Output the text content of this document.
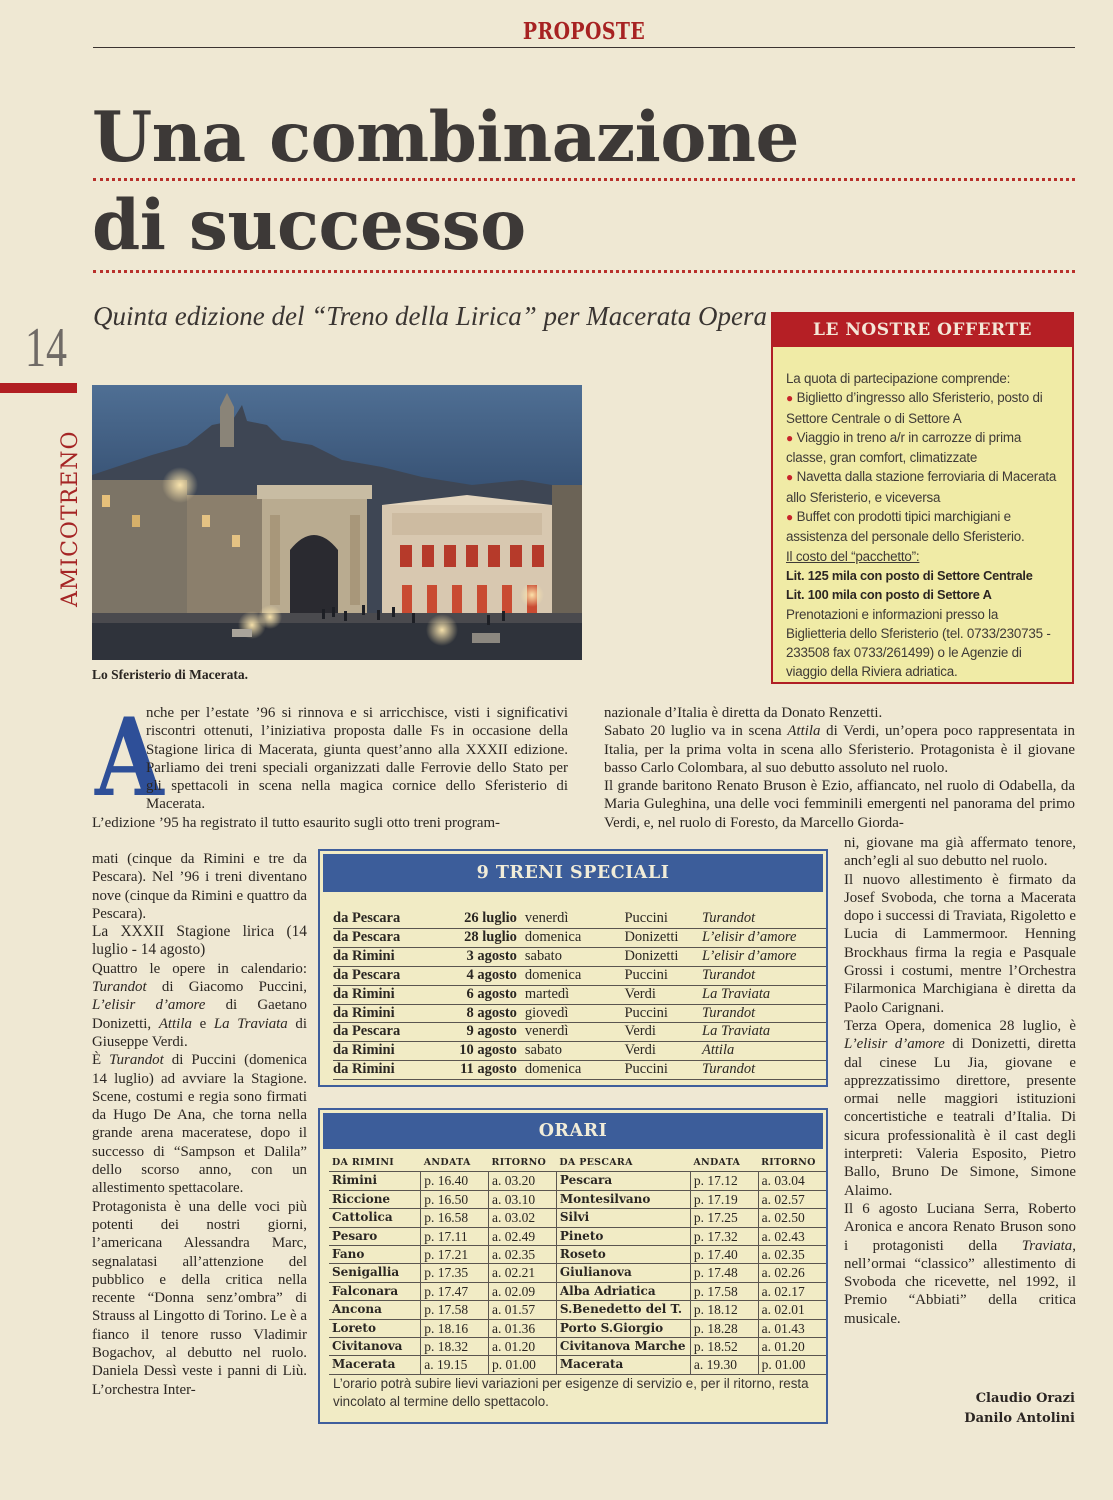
PROPOSTE
Una combinazione
di successo
Quinta edizione del “Treno della Lirica” per Macerata Opera
14
AMICOTRENO
Lo Sferisterio di Macerata.
LE NOSTRE OFFERTE
La quota di partecipazione comprende:
● Biglietto d’ingresso allo Sferisterio, posto di Settore Centrale o di Settore A
● Viaggio in treno a/r in carrozze di prima classe, gran comfort, climatizzate
● Navetta dalla stazione ferroviaria di Macerata allo Sferisterio, e viceversa
● Buffet con prodotti tipici marchigiani e assistenza del personale dello Sferisterio.
Il costo del “pacchetto”:
Lit. 125 mila con posto di Settore Centrale
Lit. 100 mila con posto di Settore A
Prenotazioni e informazioni presso la Biglietteria dello Sferisterio (tel. 0733/230735 - 233508 fax 0733/261499) o le Agenzie di viaggio della Riviera adriatica.
A
nche per l’estate ’96 si rinnova e si arricchisce, visti i significativi riscontri ottenuti, l’iniziativa proposta dalle Fs in occasione della Stagione lirica di Macerata, giunta quest’anno alla XXXII edizione. Parliamo dei treni speciali organizzati dalle Ferrovie dello Stato per gli spettacoli in scena nella magica cornice dello Sferisterio di Macerata.
L’edizione ’95 ha registrato il tutto esaurito sugli otto treni program-

mati (cinque da Rimini e tre da Pescara). Nel ’96 i treni diventano nove (cinque da Rimini e quattro da Pescara).

La XXXII Stagione lirica (14 luglio - 14 agosto)

Quattro le opere in calendario: Turandot di Giacomo Puccini, L’elisir d’amore di Gaetano Donizetti, Attila e La Traviata di Giuseppe Verdi.

È Turandot di Puccini (domenica 14 luglio) ad avviare la Stagione. Scene, costumi e regia sono firmati da Hugo De Ana, che torna nella grande arena maceratese, dopo il successo di “Sampson et Dalila” dello scorso anno, con un allestimento spettacolare.

Protagonista è una delle voci più potenti dei nostri giorni, l’americana Alessandra Marc, segnalatasi all’attenzione del pubblico e della critica nella recente “Donna senz’ombra” di Strauss al Lingotto di Torino. Le è a fianco il tenore russo Vladimir Bogachov, al debutto nel ruolo. Daniela Dessì veste i panni di Liù. L’orchestra Inter-

nazionale d’Italia è diretta da Donato Renzetti.

Sabato 20 luglio va in scena Attila di Verdi, un’opera poco rappresentata in Italia, per la prima volta in scena allo Sferisterio. Protagonista è il giovane basso Carlo Colombara, al suo debutto assoluto nel ruolo.

Il grande baritono Renato Bruson è Ezio, affiancato, nel ruolo di Odabella, da Maria Guleghina, una delle voci femminili emergenti nel panorama del primo Verdi, e, nel ruolo di Foresto, da Marcello Giorda-

ni, giovane ma già affermato tenore, anch’egli al suo debutto nel ruolo.

Il nuovo allestimento è firmato da Josef Svoboda, che torna a Macerata dopo i successi di Traviata, Rigoletto e Lucia di Lammermoor. Henning Brockhaus firma la regia e Pasquale Grossi i costumi, mentre l’Orchestra Filarmonica Marchigiana è diretta da Paolo Carignani.

Terza Opera, domenica 28 luglio, è L’elisir d’amore di Donizetti, diretta dal cinese Lu Jia, giovane e apprezzatissimo direttore, presente ormai nelle maggiori istituzioni concertistiche e teatrali d’Italia. Di sicura professionalità è il cast degli interpreti: Valeria Esposito, Pietro Ballo, Bruno De Simone, Simone Alaimo.

Il 6 agosto Luciana Serra, Roberto Aronica e ancora Renato Bruson sono i protagonisti della Traviata, nell’ormai “classico” allestimento di Svoboda che ricevette, nel 1992, il Premio “Abbiati” della critica musicale.

9 TRENI SPECIALI
da Pescara	26 luglio	venerdì	Puccini	Turandot
da Pescara	28 luglio	domenica	Donizetti	L’elisir d’amore
da Rimini	3 agosto	sabato	Donizetti	L’elisir d’amore
da Pescara	4 agosto	domenica	Puccini	Turandot
da Rimini	6 agosto	martedì	Verdi	La Traviata
da Rimini	8 agosto	giovedì	Puccini	Turandot
da Pescara	9 agosto	venerdì	Verdi	La Traviata
da Rimini	10 agosto	sabato	Verdi	Attila
da Rimini	11 agosto	domenica	Puccini	Turandot
ORARI
DA RIMINI	ANDATA	RITORNO	DA PESCARA	ANDATA	RITORNO
Rimini	p. 16.40	a. 03.20	Pescara	p. 17.12	a. 03.04
Riccione	p. 16.50	a. 03.10	Montesilvano	p. 17.19	a. 02.57
Cattolica	p. 16.58	a. 03.02	Silvi	p. 17.25	a. 02.50
Pesaro	p. 17.11	a. 02.49	Pineto	p. 17.32	a. 02.43
Fano	p. 17.21	a. 02.35	Roseto	p. 17.40	a. 02.35
Senigallia	p. 17.35	a. 02.21	Giulianova	p. 17.48	a. 02.26
Falconara	p. 17.47	a. 02.09	Alba Adriatica	p. 17.58	a. 02.17
Ancona	p. 17.58	a. 01.57	S.Benedetto del T.	p. 18.12	a. 02.01
Loreto	p. 18.16	a. 01.36	Porto S.Giorgio	p. 18.28	a. 01.43
Civitanova	p. 18.32	a. 01.20	Civitanova Marche	p. 18.52	a. 01.20
Macerata	a. 19.15	p. 01.00	Macerata	a. 19.30	p. 01.00
L’orario potrà subire lievi variazioni per esigenze di servizio e, per il ritorno, resta vincolato al termine dello spettacolo.	Claudio Orazi
Danilo Antolini
